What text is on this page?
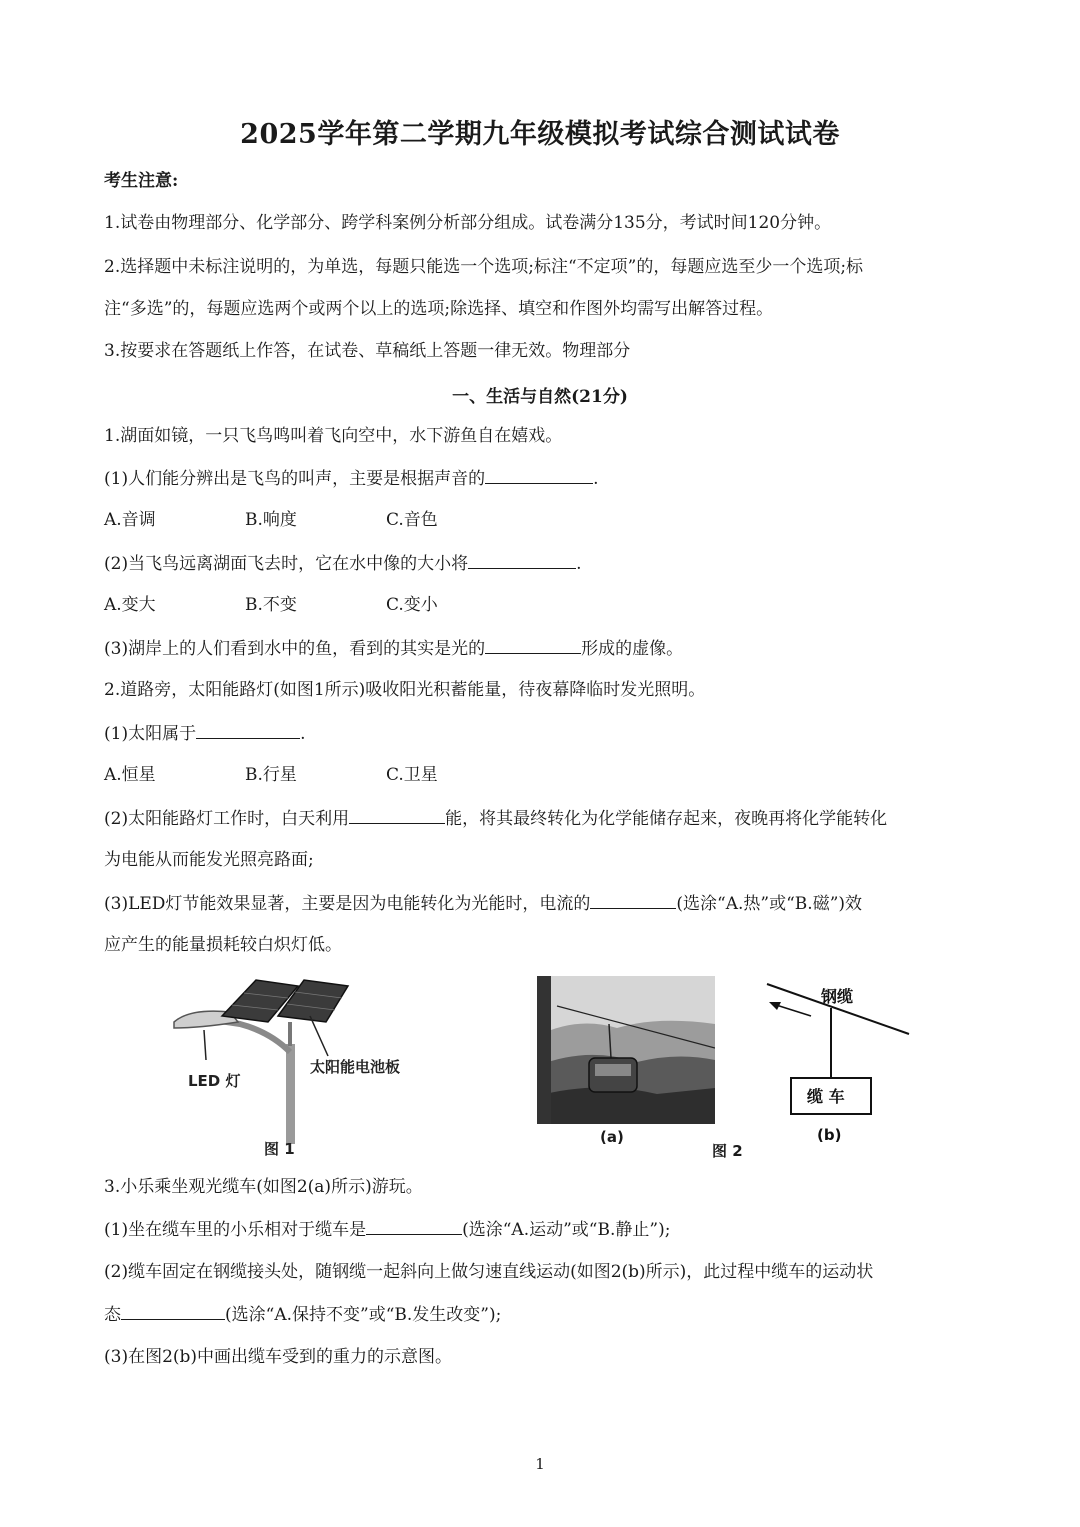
2025学年第二学期九年级模拟考试综合测试试卷
考生注意:
1.试卷由物理部分、化学部分、跨学科案例分析部分组成。试卷满分135分，考试时间120分钟。
2.选择题中未标注说明的，为单选，每题只能选一个选项;标注“不定项”的，每题应选至少一个选项;标
注“多选”的，每题应选两个或两个以上的选项;除选择、填空和作图外均需写出解答过程。
3.按要求在答题纸上作答，在试卷、草稿纸上答题一律无效。物理部分
一、生活与自然(21分)
1.湖面如镜，一只飞鸟鸣叫着飞向空中，水下游鱼自在嬉戏。
(1)人们能分辨出是飞鸟的叫声，主要是根据声音的	.
A.音调	B.响度	C.音色
(2)当飞鸟远离湖面飞去时，它在水中像的大小将	.
A.变大	B.不变	C.变小
(3)湖岸上的人们看到水中的鱼，看到的其实是光的	形成的虚像。
2.道路旁，太阳能路灯(如图1所示)吸收阳光积蓄能量，待夜幕降临时发光照明。
(1)太阳属于	.
A.恒星	B.行星	C.卫星
(2)太阳能路灯工作时，白天利用	能，将其最终转化为化学能储存起来，夜晚再将化学能转化
为电能从而能发光照亮路面;
(3)LED灯节能效果显著，主要是因为电能转化为光能时，电流的	(选涂“A.热”或“B.磁”)效
应产生的能量损耗较白炽灯低。
LED 灯
太阳能电池板
图 1
(a)
图 2
钢缆
缆 车
(b)
3.小乐乘坐观光缆车(如图2(a)所示)游玩。
(1)坐在缆车里的小乐相对于缆车是	(选涂“A.运动”或“B.静止”);
(2)缆车固定在钢缆接头处，随钢缆一起斜向上做匀速直线运动(如图2(b)所示)，此过程中缆车的运动状
态	(选涂“A.保持不变”或“B.发生改变”);
(3)在图2(b)中画出缆车受到的重力的示意图。
1
